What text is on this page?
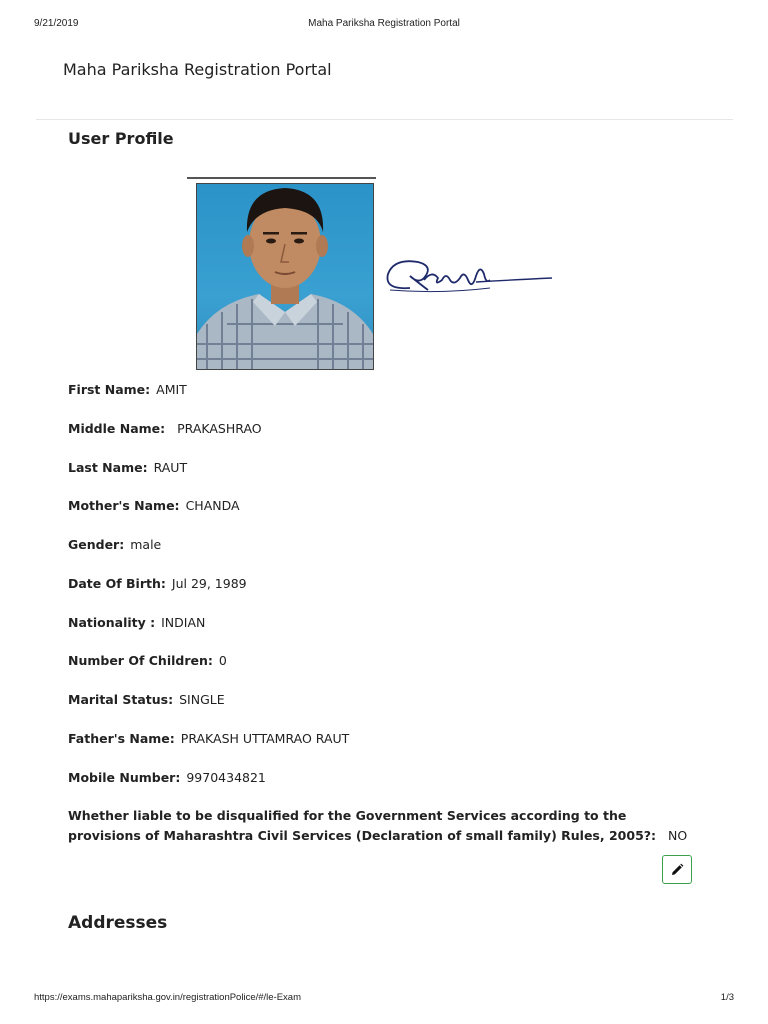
9/21/2019	Maha Pariksha Registration Portal
Maha Pariksha Registration Portal
User Profile
First Name: AMIT
Middle Name: PRAKASHRAO
Last Name: RAUT
Mother's Name: CHANDA
Gender: male
Date Of Birth: Jul 29, 1989
Nationality : INDIAN
Number Of Children: 0
Marital Status: SINGLE
Father's Name: PRAKASH UTTAMRAO RAUT
Mobile Number: 9970434821
Whether liable to be disqualified for the Government Services according to the provisions of Maharashtra Civil Services (Declaration of small family) Rules, 2005?: NO
Addresses
https://exams.mahapariksha.gov.in/registrationPolice/#/le-Exam	1/3
